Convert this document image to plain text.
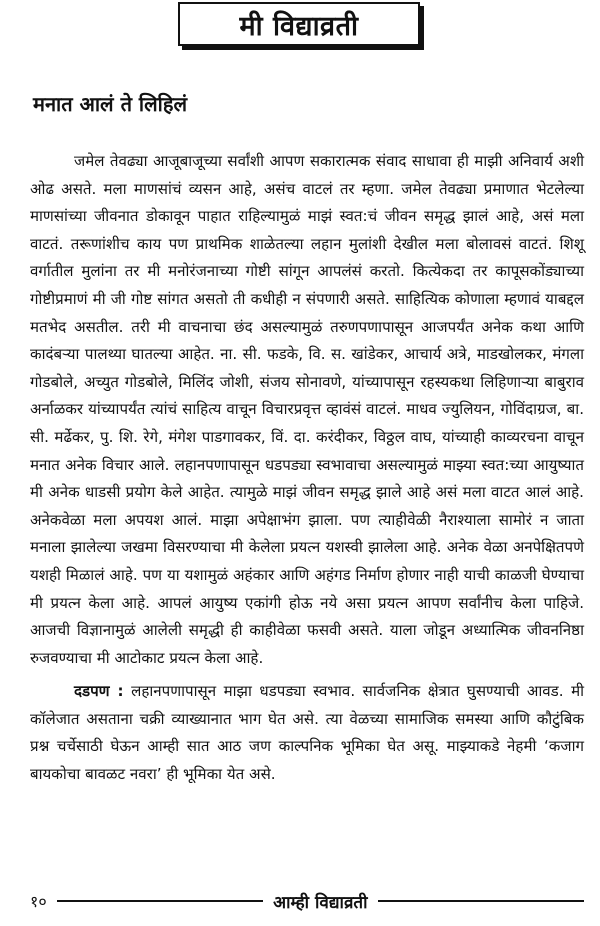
मी विद्याव्रती
मनात आलं ते लिहिलं

जमेल तेवढ्या आजूबाजूच्या सर्वांशी आपण सकारात्मक संवाद साधावा ही माझी अनिवार्य अशी ओढ असते. मला माणसांचं व्यसन आहे, असंच वाटलं तर म्हणा. जमेल तेवढ्या प्रमाणात भेटलेल्या माणसांच्या जीवनात डोकावून पाहात राहिल्यामुळं माझं स्वत:चं जीवन समृद्ध झालं आहे, असं मला वाटतं. तरूणांशीच काय पण प्राथमिक शाळेतल्या लहान मुलांशी देखील मला बोलावसं वाटतं. शिशू वर्गातील मुलांना तर मी मनोरंजनाच्या गोष्टी सांगून आपलंसं करतो. कित्येकदा तर कापूसकोंड्याच्या गोष्टीप्रमाणं मी जी गोष्ट सांगत असतो ती कधीही न संपणारी असते. साहित्यिक कोणाला म्हणावं याबद्दल मतभेद असतील. तरी मी वाचनाचा छंद असल्यामुळं तरुणपणापासून आजपर्यंत अनेक कथा आणि कादंबऱ्या पालथ्या घातल्या आहेत. ना. सी. फडके, वि. स. खांडेकर, आचार्य अत्रे, माडखोलकर, मंगला गोडबोले, अच्युत गोडबोले, मिलिंद जोशी, संजय सोनावणे, यांच्यापासून रहस्यकथा लिहिणाऱ्या बाबुराव अर्नाळकर यांच्यापर्यंत त्यांचं साहित्य वाचून विचारप्रवृत्त व्हावंसं वाटलं. माधव ज्युलियन, गोविंदाग्रज, बा. सी. मर्ढेकर, पु. शि. रेगे, मंगेश पाडगावकर, विं. दा. करंदीकर, विठ्ठल वाघ, यांच्याही काव्यरचना वाचून मनात अनेक विचार आले. लहानपणापासून धडपड्या स्वभावाचा असल्यामुळं माझ्या स्वत:च्या आयुष्यात मी अनेक धाडसी प्रयोग केले आहेत. त्यामुळे माझं जीवन समृद्ध झाले आहे असं मला वाटत आलं आहे. अनेकवेळा मला अपयश आलं. माझा अपेक्षाभंग झाला. पण त्याहीवेळी नैराश्याला सामोरं न जाता मनाला झालेल्या जखमा विसरण्याचा मी केलेला प्रयत्न यशस्वी झालेला आहे. अनेक वेळा अनपेक्षितपणे यशही मिळालं आहे. पण या यशामुळं अहंकार आणि अहंगड निर्माण होणार नाही याची काळजी घेण्याचा मी प्रयत्न केला आहे. आपलं आयुष्य एकांगी होऊ नये असा प्रयत्न आपण सर्वांनीच केला पाहिजे. आजची विज्ञानामुळं आलेली समृद्धी ही काहीवेळा फसवी असते. याला जोडून अध्यात्मिक जीवननिष्ठा रुजवण्याचा मी आटोकाट प्रयत्न केला आहे.

दडपण : लहानपणापासून माझा धडपड्या स्वभाव. सार्वजनिक क्षेत्रात घुसण्याची आवड. मी कॉलेजात असताना चक्री व्याख्यानात भाग घेत असे. त्या वेळच्या सामाजिक समस्या आणि कौटुंबिक प्रश्न चर्चेसाठी घेऊन आम्ही सात आठ जण काल्पनिक भूमिका घेत असू. माझ्याकडे नेहमी ‘कजाग बायकोचा बावळट नवरा’ ही भूमिका येत असे.

१०	आम्ही विद्याव्रती
